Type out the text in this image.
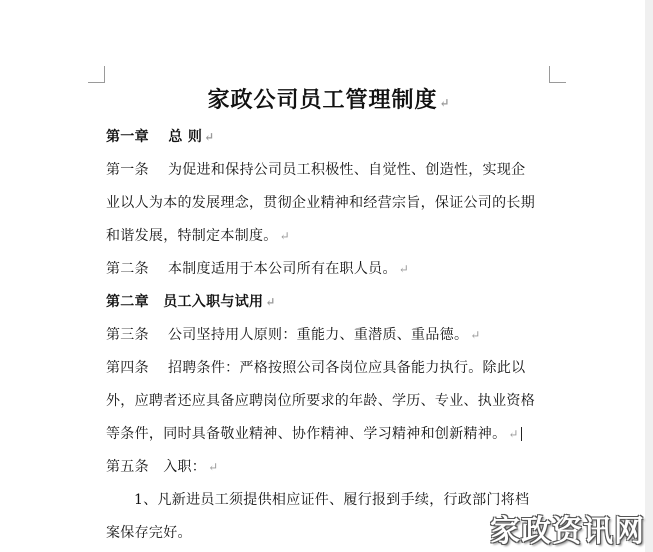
家政公司员工管理制度 ↵
第一章　 总 则 ↵
第一条　 为促进和保持公司员工积极性、自觉性、创造性，实现企
业以人为本的发展理念，贯彻企业精神和经营宗旨，保证公司的长期
和谐发展，特制定本制度。 ↵
第二条　 本制度适用于本公司所有在职人员。 ↵
第二章　员工入职与试用 ↵
第三条　 公司坚持用人原则：重能力、重潜质、重品德。 ↵
第四条　 招聘条件：严格按照公司各岗位应具备能力执行。除此以
外，应聘者还应具备应聘岗位所要求的年龄、学历、专业、执业资格
等条件，同时具备敬业精神、协作精神、学习精神和创新精神。 ↵
第五条　入职： ↵
1、凡新进员工须提供相应证件、履行报到手续，行政部门将档
案保存完好。	家政资讯网
